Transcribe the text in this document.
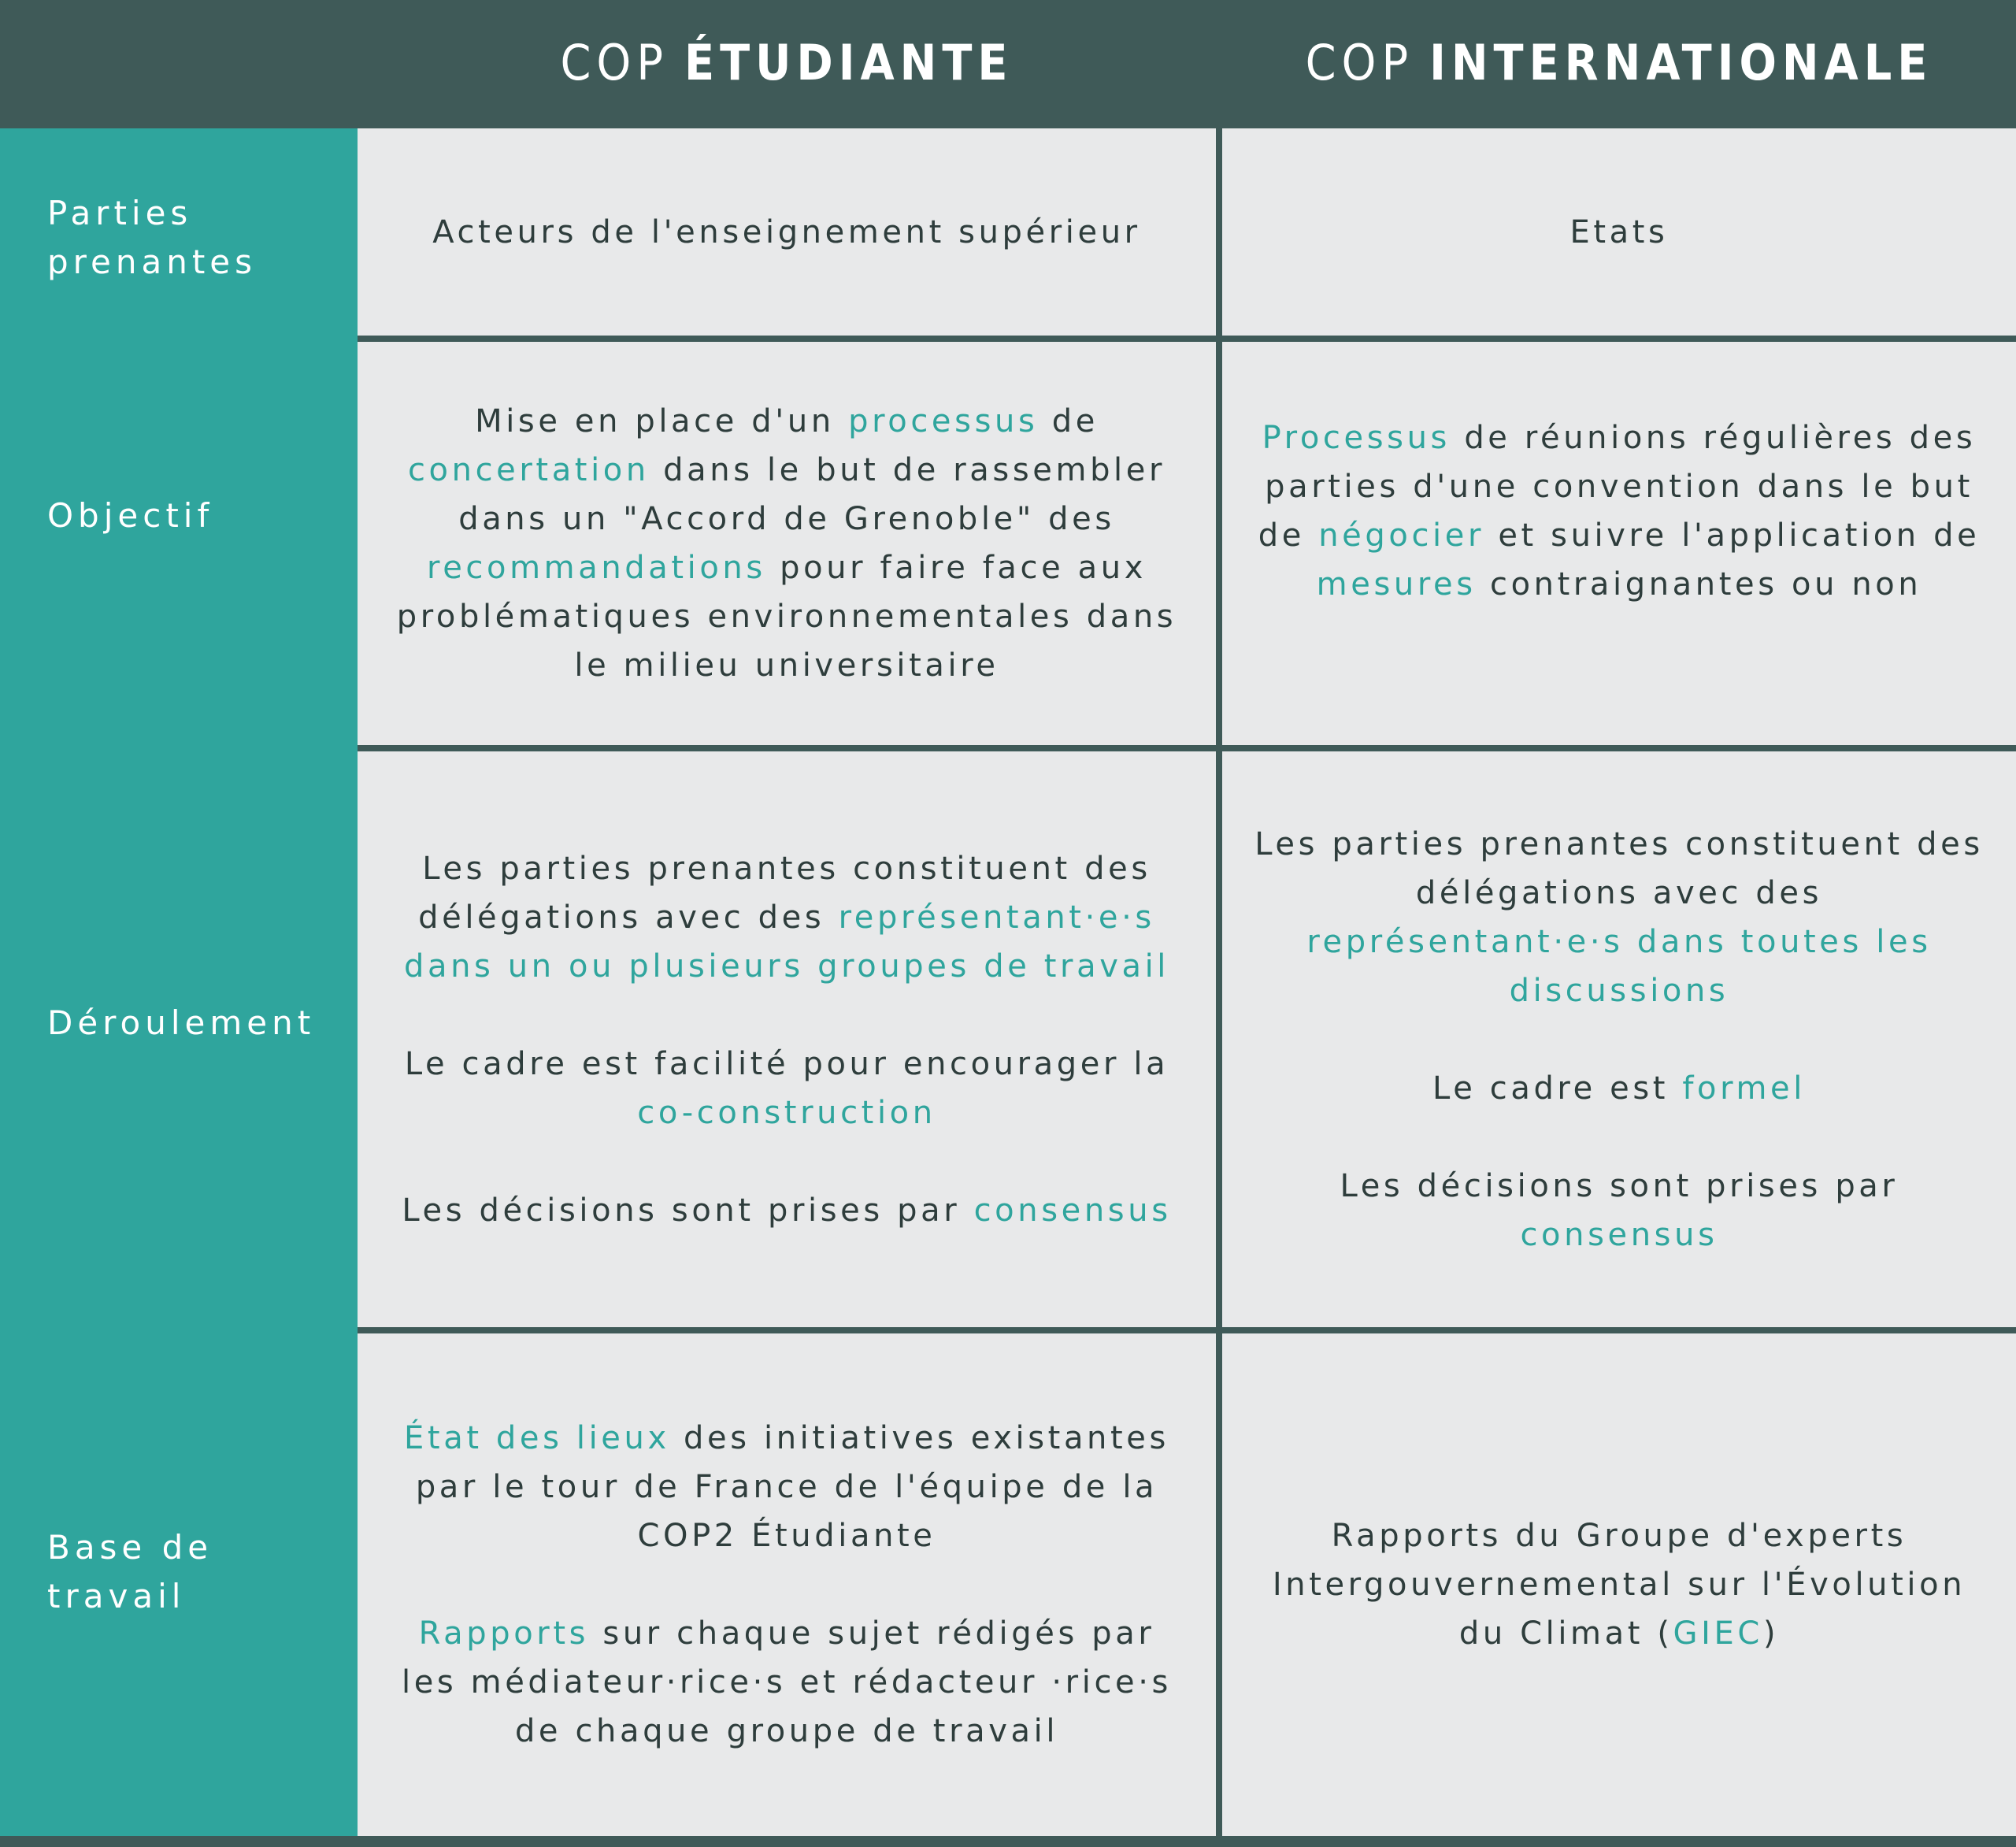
COP ÉTUDIANTE	COP INTERNATIONALE
Parties
prenantes
Objectif
Déroulement
Base de
travail

Acteurs de l'enseignement supérieur	Etats

Mise en place d'un processus de concertation dans le but de rassembler dans un "Accord de Grenoble" des recommandations pour faire face aux problématiques environnementales dans le milieu universitaire

Processus de réunions régulières des parties d'une convention dans le but de négocier et suivre l'application de mesures contraignantes ou non

Les parties prenantes constituent des délégations avec des représentant·e·s dans un ou plusieurs groupes de travail

Le cadre est facilité pour encourager la co-construction

Les décisions sont prises par consensus

Les parties prenantes constituent des délégations avec des représentant·e·s dans toutes les discussions

Le cadre est formel

Les décisions sont prises par consensus

État des lieux des initiatives existantes par le tour de France de l'équipe de la COP2 Étudiante

Rapports sur chaque sujet rédigés par les médiateur·rice·s et rédacteur ·rice·s de chaque groupe de travail

Rapports du Groupe d'experts Intergouvernemental sur l'Évolution du Climat (GIEC)
